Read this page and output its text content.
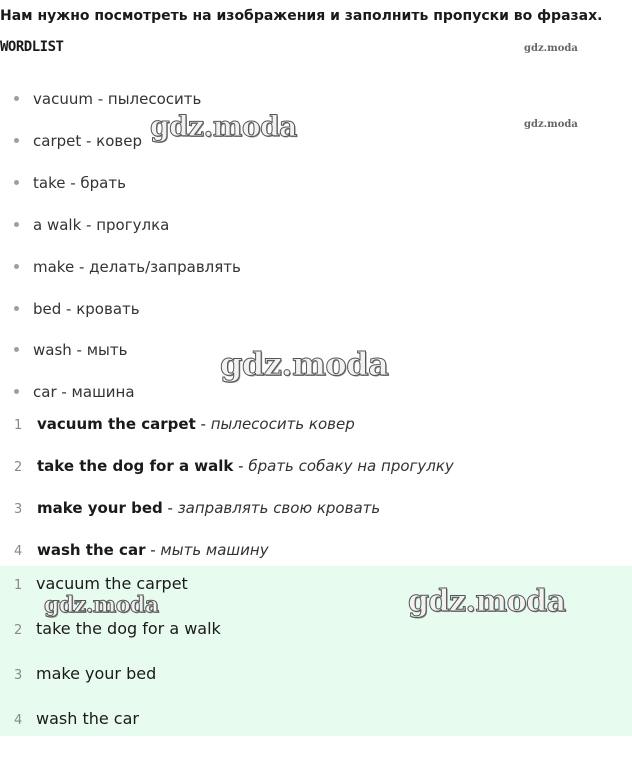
Нам нужно посмотреть на изображения и заполнить пропуски во фразах.
WORDLIST
vacuum - пылесосить
carpet - ковер
take - брать
a walk - прогулка
make - делать/заправлять
bed - кровать
wash - мыть
car - машина
1 vacuum the carpet - пылесосить ковер
2 take the dog for a walk - брать собаку на прогулку
3 make your bed - заправлять свою кровать
4 wash the car - мыть машину
1 vacuum the carpet
2 take the dog for a walk
3 make your bed
4 wash the car
gdz.moda
gdz.moda
gdz.moda
gdz.moda
gdz.moda	gdz.moda
